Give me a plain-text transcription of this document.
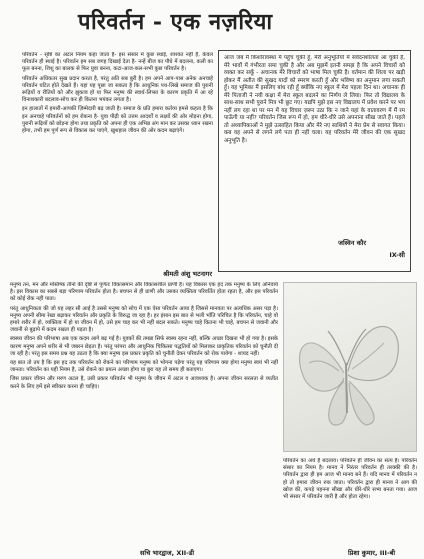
परिवर्तन - एक नज़रिया

परिवर्तन - सृष्टि का अटल नियम कहा जाता है- इस संसार में कुछ स्थाई, शाश्वत नहीं है, केवल परिवर्तन ही स्थाई है। परिवर्तन हम सब जगह दिखाई देता है- नन्हें बीज का पौधे में बदलना, कली का फूल बनना, शिशु का बालक से फिर युवा बनना, कटा-आज-कल-सभी कुछ परिवर्तन है।

परिवर्तन अधिकतर सुख प्रदान करता है, परंतु अति सब बुरी है। हम अपने आप-पास अनेक अनचाहे परिवर्तन घटित होते देखते हैं। यहां यह पूछा जा सकता है कि आधुनिक पथ-लिखे समाज की पुरानी रूढ़ियों व रीतियों को और झुकाव हो या फिर मनुष्य की स्वार्थ-लिप्सा के कारण प्रकृति में आ रहे विनाशकारी बदलाव-सोच कर ही कितना भयंकर लगता है।

इन हालातों में हमारी-आपकी ज़िम्मेदारी बढ़ जाती है। समाज के प्रति हमारा कर्तव्य हमसे कहता है कि इन अनचाहे परिवर्तनों को हम रोकना है- युवा पीढ़ी को उत्तम आदर्शों व लक्ष्यों की ओर मोड़ना होगा, पुरानी रूढ़ियों को छोड़ना होगा तथा प्रकृति को अपना ही एक अभिन्न अंग मान कर उसका ध्यान रखना होगा, तभी हम पूर्ण रूप से विकास कर पाएंगे, खुशहाल जीवन की ओर कदम बढ़ाएंगे।

श्रीमती अंशु भटनागर
आज जब मैं किशोरावस्था में पहुँच चुकी हूँ, मेरी अनुभूतियों में संवेदनशीलता आ चुकी है, मेरे भावों में गंभीरता समा चुकी है और अब मुझमें इतनी समझ है कि अपने विचारों को व्यक्त कर सकूँ - अचानक मेरे विचारों को भाषा मिल चुकी है। वर्तमान की शिला पर खड़ी होकर मैं अतीत की सुखद यादों को स्मरण करती हूँ और भविष्य का अनुमान लगा सकती हूँ। यह भूमिका मैं इसलिए बांध रही हूँ क्योंकि नए स्कूल में मेरा पहला दिन था। अचानक ही मेरे पिताजी ने नयी कक्षा में मेरा स्कूल बदलने का निर्णय ले लिया। फिर तो विद्यालय के साथ-साथ सभी पुराने मित्र भी छूट गए। यद्यपि मुझे इस नए विद्यालय में प्रवेश करने पर भय नहीं लग रहा था पर मन में यह विचार ज़रूर उठा कि न जाने यहां के वातावरण में मैं रम पाऊँगी या नहीं? परिवर्तन जिस रूप में हो, हम धीरे-धीरे उसे अपनाना सीख जाते हैं। पहले तो अध्यापिकाओं ने मुझे उत्साहित किया और मेरे नए साथियों ने मेरा प्रेम से स्वागत किया। कब वह अपने से लगने लगे पता ही नहीं चला। यह परिवर्तन मेरे जीवन की एक सुखद अनुभूति है।
जस्विन कौर
IX-सी

मनुष्य तन, मन और मस्तिष्क तीनों की दृष्टि से पूर्णतः विकासमान और विकासशील प्राणी है। यह विकास एक हद तक मनुष्य के लिए अनिवार्य है। इस विकास का सबसे बड़ा परिणाम परिवर्तन होता है। बचपन से ही प्राणी और उसका व्यक्तित्व परिवर्तित होता रहता है, और इस परिवर्तन को कोई रोक नहीं पाता।

परंतु आधुनिकता की जो यह लहर सी आई है उससे मनुष्य को सोच में एक ऐसा परिवर्तन आया है जिससे मानवता पर अत्यधिक असर पड़ा है। मनुष्य अपनी सीमा रेखा बढ़ाकर परिवर्तन और प्रकृति के विरुद्ध जा रहा है। हर इंसान इस बात से भली भाँति परिचित है कि परिवर्तन, चाहे वो हमारे शरीर में हो, व्यक्तित्व में हो या जीवन में हो, उसे हम चाह कर भी नहीं बदल सकते। मनुष्य चाहे कितना भी चाहे, बचपन से जवानी और जवानी से बुढ़ापे में कदम रखता ही पड़ता है।

स्वस्थ्य जीवन की परिभाषा अब एक कदम आगे बढ़ गई है। युवकों की तमन्ना सिर्फ स्वस्थ रहना नहीं, बल्कि अच्छा दिखना भी हो गया है। इसके कारण मनुष्य अपने शरीर से भी जबरन छेड़ता है। परंतु परंपरा और आधुनिक चिकित्सा पद्धतियों को मिलाकर प्राकृतिक परिवर्तन को चुनौती दी जा रही है। परंतु इस समय प्रश्न यह उठता है कि क्या मनुष्य इस प्रकार प्रकृति को चुनौती देकर परिवर्तन को रोक पायेगा - शायद नहीं।

यह बात तो तय है कि इस हद तक परिवर्तन को रोकने का परिणाम मनुष्य को भोगना पड़ेगा परंतु यह परिणाम क्या होगा मनुष्य स्वयं भी नहीं जानता। परिवर्तन का यही नियम है, उसे रोकने का प्रयत्न अच्छा होगा या बुरा यह तो समय ही बताएगा।

जिस प्रकार जीवन और मरण अटल है, उसी प्रकार परिवर्तन भी मनुष्य के जीवन में अटल व आवश्यक है। अपना जीवन सरलता से व्यतीत करने के लिए हमें इसे स्वीकार करना ही चाहिए।

परिवर्तन का अर्थ है बदलाव। परिवर्तन ही जीवन का सत्य है। परिवर्तन संसार का नियम है। मानव ने निरंतर परिवर्तन ही तरक्की की है। परिवर्तन द्वारा ही हम आज भी मानव बने हैं। यदि मानव में परिवर्तन न हो तो हमारा जीवन रुक जाता। परिवर्तन द्वारा ही मानव ने आग की खोज की, कपड़े पहनना सीखा और धीरे-धीरे सभ्य बनता गया। आज भी संसार में परिवर्तन जारी है और होता रहेगा।
सचि भारद्वाज, XII-डी	प्रिशा कुमार, III-बी
